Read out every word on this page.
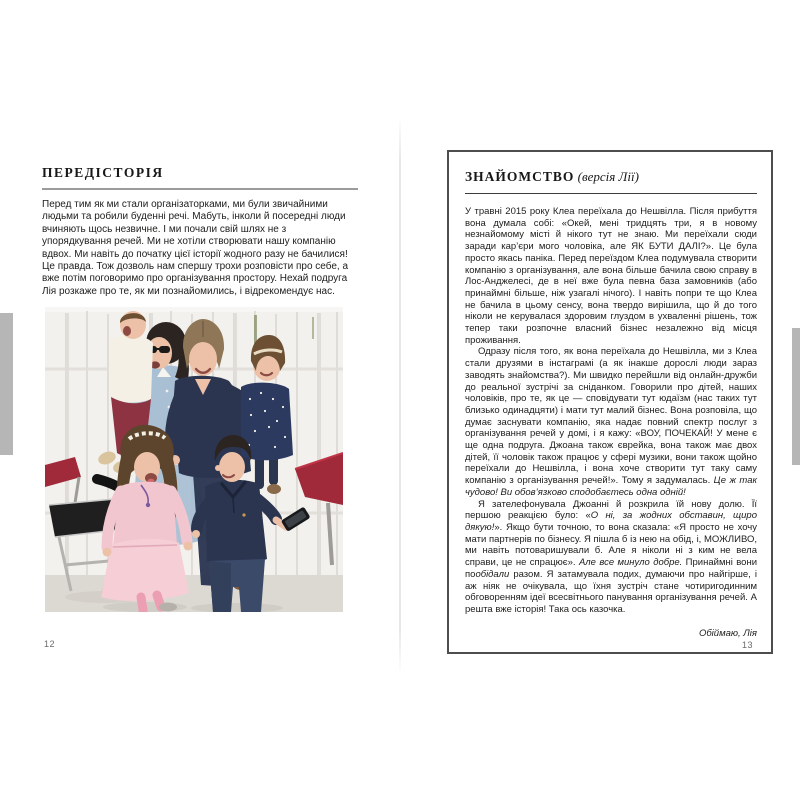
ПЕРЕДІСТОРІЯ

Перед тим як ми стали організаторками, ми були звичайними людьми та робили буденні речі. Мабуть, інколи й посередні люди вчиняють щось незвичне. І ми почали свій шлях не з упорядкування речей. Ми не хотіли створювати нашу компанію вдвох. Ми навіть до початку цієї історії жодного разу не бачилися! Це правда. Тож дозволь нам спершу трохи розповісти про себе, а вже потім поговоримо про організування простору. Нехай подруга Лія розкаже про те, як ми познайомились, і відрекомендує нас.

12
ЗНАЙОМСТВО (версія Лії)

У травні 2015 року Клеа переїхала до Нешвілла. Після прибуття вона думала собі: «Окей, мені тридцять три, я в новому незнайомому місті й нікого тут не знаю. Ми переїхали сюди заради кар’єри мого чоловіка, але ЯК БУТИ ДАЛІ?». Це була просто якась паніка. Перед переїздом Клеа подумувала створити компанію з організування, але вона більше бачила свою справу в Лос-Анджелесі, де в неї вже була певна база замовників (або принаймні більше, ніж узагалі нічого). І навіть попри те що Клеа не бачила в цьому сенсу, вона твердо вирішила, що й до того ніколи не керувалася здоровим глуздом в ухваленні рішень, тож тепер таки розпочне власний бізнес незалежно від місця проживання.

Одразу після того, як вона переїхала до Нешвілла, ми з Клеа стали друзями в інстаграмі (а як інакше дорослі люди зараз заводять знайомства?). Ми швидко перейшли від онлайн-дружби до реальної зустрічі за сніданком. Говорили про дітей, наших чоловіків, про те, як це — сповідувати тут юдаїзм (нас таких тут близько одинадцяти) і мати тут малий бізнес. Вона розповіла, що думає заснувати компанію, яка надає повний спектр послуг з організування речей у домі, і я кажу: «ВОУ, ПОЧЕКАЙ! У мене є ще одна подруга. Джоана також єврейка, вона також має двох дітей, її чоловік також працює у сфері музики, вони також щойно переїхали до Нешвілла, і вона хоче створити тут таку саму компанію з організування речей!». Тому я задумалась. Це ж так чудово! Ви обов’язково сподобаєтесь одна одній!

Я зателефонувала Джоанні й розкрила їй нову долю. Її першою реакцією було: «О ні, за жодних обставин, щиро дякую!». Якщо бути точною, то вона сказала: «Я просто не хочу мати партнерів по бізнесу. Я пішла б із нею на обід, і, МОЖЛИВО, ми навіть потоваришували б. Але я ніколи ні з ким не вела справи, це не спрацює». Але все минуло добре. Принаймні вони пообідали разом. Я затамувала подих, думаючи про найгірше, і аж ніяк не очікувала, що їхня зустріч стане чотиригодинним обговоренням ідеї всесвітнього панування організування речей. А решта вже історія! Така ось казочка.

Обіймаю, Лія

13
